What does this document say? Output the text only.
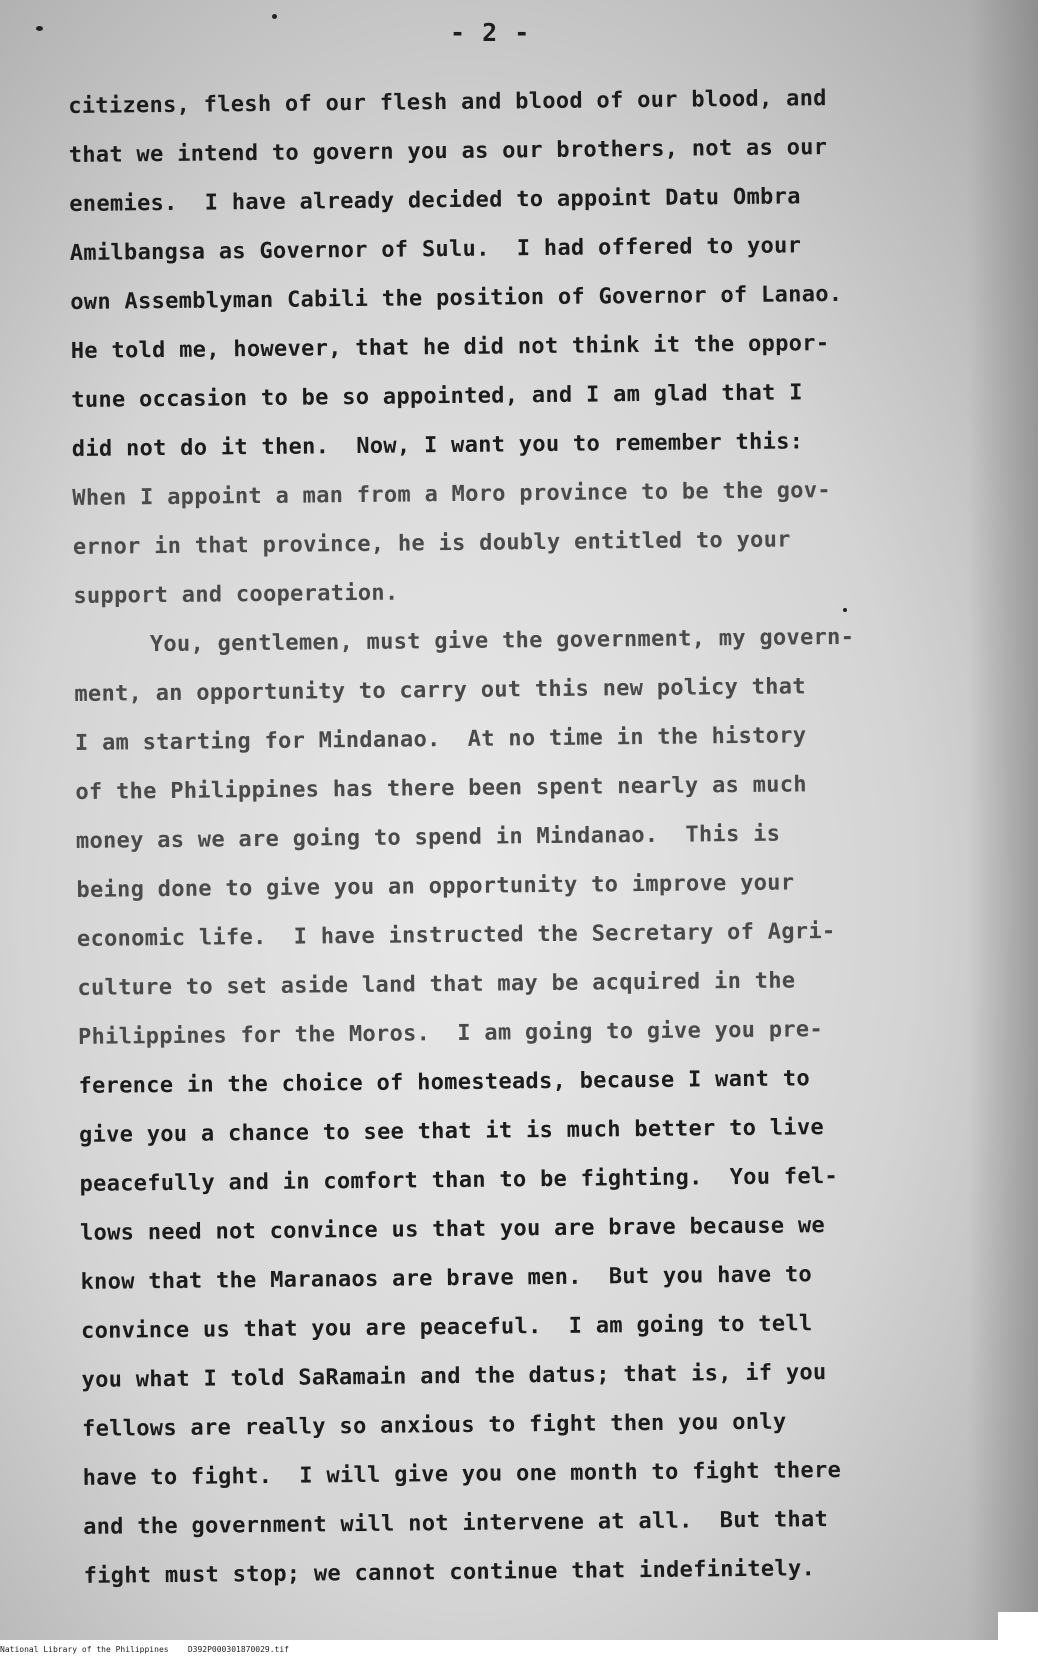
- 2 -
citizens, flesh of our flesh and blood of our blood, and
that we intend to govern you as our brothers, not as our
enemies.  I have already decided to appoint Datu Ombra
Amilbangsa as Governor of Sulu.  I had offered to your
own Assemblyman Cabili the position of Governor of Lanao.
He told me, however, that he did not think it the oppor-
tune occasion to be so appointed, and I am glad that I
did not do it then.  Now, I want you to remember this:
When I appoint a man from a Moro province to be the gov-
ernor in that province, he is doubly entitled to your
support and cooperation.
You, gentlemen, must give the government, my govern-
ment, an opportunity to carry out this new policy that
I am starting for Mindanao.  At no time in the history
of the Philippines has there been spent nearly as much
money as we are going to spend in Mindanao.  This is
being done to give you an opportunity to improve your
economic life.  I have instructed the Secretary of Agri-
culture to set aside land that may be acquired in the
Philippines for the Moros.  I am going to give you pre-
ference in the choice of homesteads, because I want to
give you a chance to see that it is much better to live
peacefully and in comfort than to be fighting.  You fel-
lows need not convince us that you are brave because we
know that the Maranaos are brave men.  But you have to
convince us that you are peaceful.  I am going to tell
you what I told SaRamain and the datus; that is, if you
fellows are really so anxious to fight then you only
have to fight.  I will give you one month to fight there
and the government will not intervene at all.  But that
fight must stop; we cannot continue that indefinitely.
National Library of the Philippines    D392P000301870029.tif
